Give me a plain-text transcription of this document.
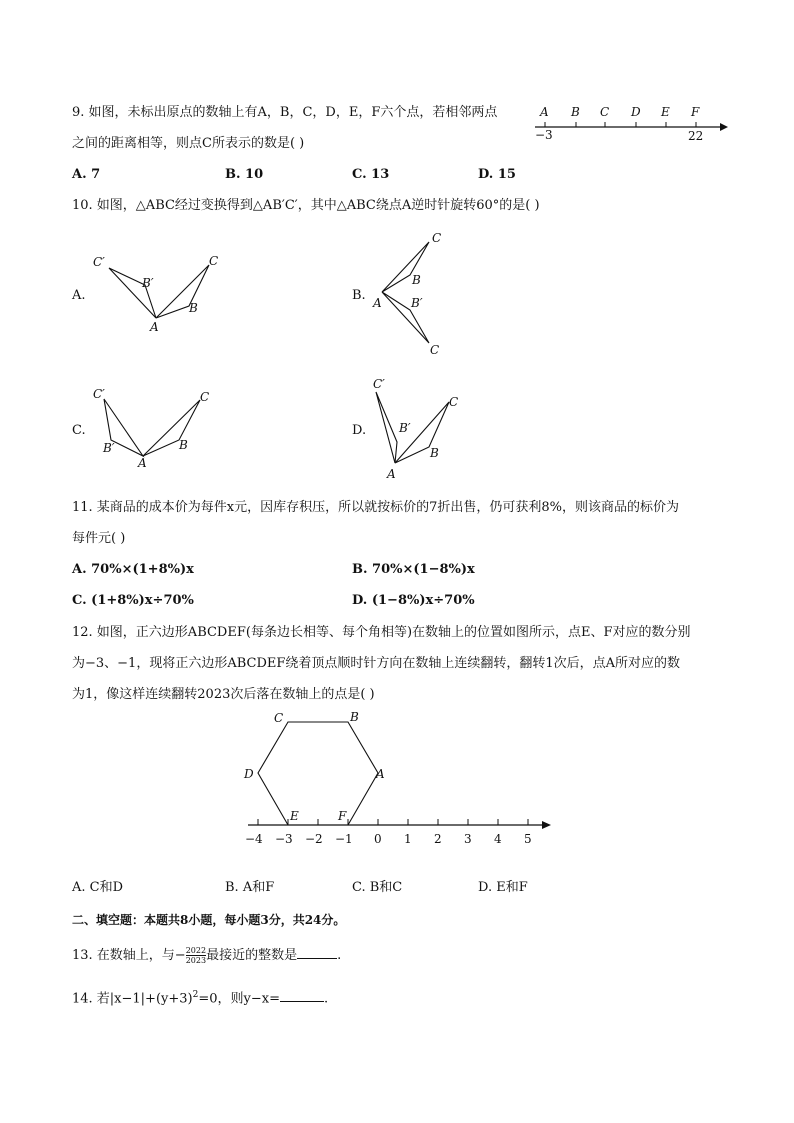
9. 如图，未标出原点的数轴上有A，B，C，D，E，F六个点，若相邻两点
之间的距离相等，则点C所表示的数是( )
A B C D E F
−3	22
A. 7	B. 10	C. 13	D. 15
10. 如图，△ABC经过变换得到△AB′C′，其中△ABC绕点A逆时针旋转60°的是( )
A.
C′
B′
C
B
A
B.
C
B
A B′
C
C.
C′
B′
A
B
C
D.
C′
B′
C
B
A
11. 某商品的成本价为每件x元，因库存积压，所以就按标价的7折出售，仍可获利8%，则该商品的标价为
每件元( )
A. 70%×(1+8%)x	B. 70%×(1−8%)x
C. (1+8%)x÷70%	D. (1−8%)x÷70%
12. 如图，正六边形ABCDEF(每条边长相等、每个角相等)在数轴上的位置如图所示，点E、F对应的数分别
为−3、−1，现将正六边形ABCDEF绕着顶点顺时针方向在数轴上连续翻转，翻转1次后，点A所对应的数
为1，像这样连续翻转2023次后落在数轴上的点是( )
A
B
C
D
E	F
−4 −3 −2 −1 0 1 2 3 4 5
A. C和D	B. A和F	C. B和C	D. E和F
二、填空题：本题共8小题，每小题3分，共24分。
13. 在数轴上，与− $\frac{2022}{2023}$ 最接近的整数是	.
14. 若$|x-1|+(y+3)^2=0$，则y−x=	.
